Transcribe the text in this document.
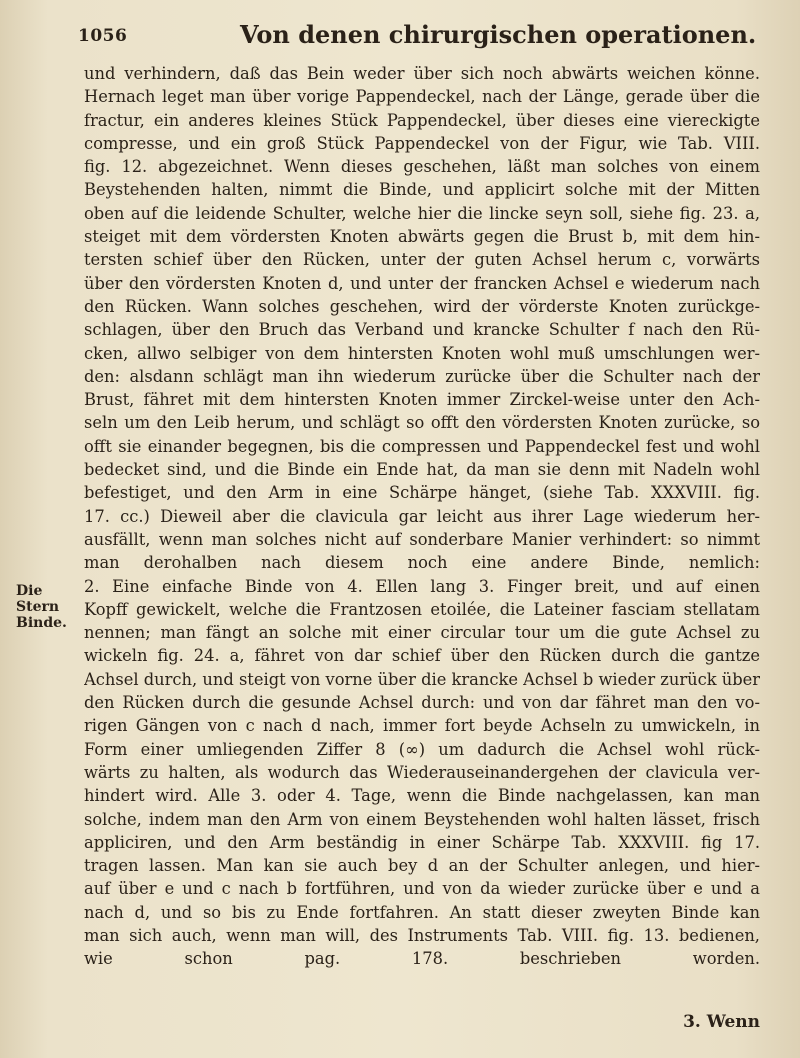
1056	Von denen chirurgischen operationen.
und verhindern, daß das Bein weder über sich noch abwärts weichen könne.
Hernach leget man über vorige Pappendeckel, nach der Länge, gerade über die
fractur, ein anderes kleines Stück Pappendeckel, über dieses eine viereckigte
compresse, und ein groß Stück Pappendeckel von der Figur, wie Tab. VIII.
fig. 12. abgezeichnet. Wenn dieses geschehen, läßt man solches von einem
Beystehenden halten, nimmt die Binde, und applicirt solche mit der Mitten
oben auf die leidende Schulter, welche hier die lincke seyn soll, siehe fig. 23. a,
steiget mit dem vördersten Knoten abwärts gegen die Brust b, mit dem hin-
tersten schief über den Rücken, unter der guten Achsel herum c, vorwärts
über den vördersten Knoten d, und unter der francken Achsel e wiederum nach
den Rücken. Wann solches geschehen, wird der vörderste Knoten zurückge-
schlagen, über den Bruch das Verband und krancke Schulter f nach den Rü-
cken, allwo selbiger von dem hintersten Knoten wohl muß umschlungen wer-
den: alsdann schlägt man ihn wiederum zurücke über die Schulter nach der
Brust, fähret mit dem hintersten Knoten immer Zirckel-weise unter den Ach-
seln um den Leib herum, und schlägt so offt den vördersten Knoten zurücke, so
offt sie einander begegnen, bis die compressen und Pappendeckel fest und wohl
bedecket sind, und die Binde ein Ende hat, da man sie denn mit Nadeln wohl
befestiget, und den Arm in eine Schärpe hänget, (siehe Tab. XXXVIII. fig.
17. cc.) Dieweil aber die clavicula gar leicht aus ihrer Lage wiederum her-
ausfällt, wenn man solches nicht auf sonderbare Manier verhindert: so nimmt
man derohalben nach diesem noch eine andere Binde, nemlich:
2. Eine einfache Binde von 4. Ellen lang 3. Finger breit, und auf einen
Kopff gewickelt, welche die Frantzosen etoilée, die Lateiner fasciam stellatam
nennen; man fängt an solche mit einer circular tour um die gute Achsel zu
wickeln fig. 24. a, fähret von dar schief über den Rücken durch die gantze
Achsel durch, und steigt von vorne über die krancke Achsel b wieder zurück über
den Rücken durch die gesunde Achsel durch: und von dar fähret man den vo-
rigen Gängen von c nach d nach, immer fort beyde Achseln zu umwickeln, in
Form einer umliegenden Ziffer 8 (∞) um dadurch die Achsel wohl rück-
wärts zu halten, als wodurch das Wiederauseinandergehen der clavicula ver-
hindert wird. Alle 3. oder 4. Tage, wenn die Binde nachgelassen, kan man
solche, indem man den Arm von einem Beystehenden wohl halten lässet, frisch
appliciren, und den Arm beständig in einer Schärpe Tab. XXXVIII. fig 17.
tragen lassen. Man kan sie auch bey d an der Schulter anlegen, und hier-
auf über e und c nach b fortführen, und von da wieder zurücke über e und a
nach d, und so bis zu Ende fortfahren. An statt dieser zweyten Binde kan
man sich auch, wenn man will, des Instruments Tab. VIII. fig. 13. bedienen,
wie schon pag. 178. beschrieben worden.
Die Stern
Binde.
3. Wenn
